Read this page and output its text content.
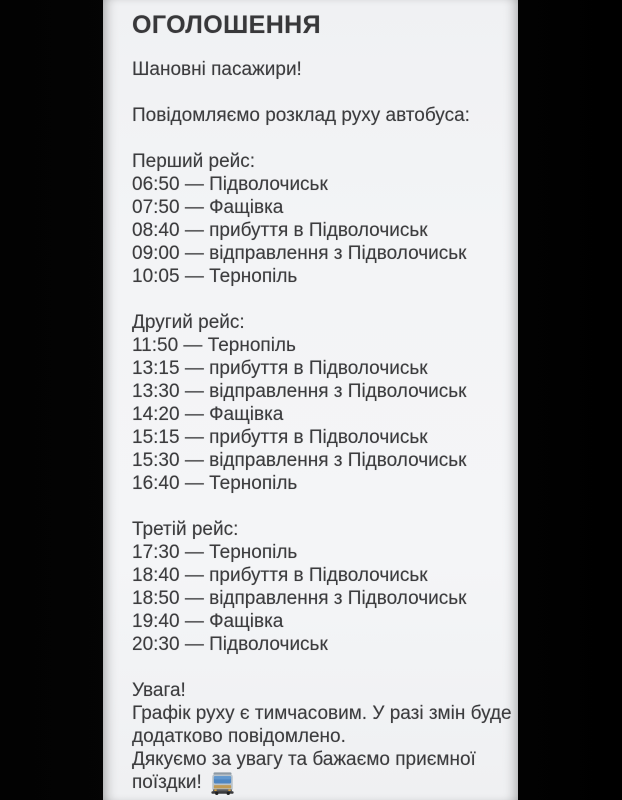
ОГОЛОШЕННЯ

Шановні пасажири!

Повідомляємо розклад руху автобуса:

Перший рейс:
06:50 — Підволочиськ
07:50 — Фащівка
08:40 — прибуття в Підволочиськ
09:00 — відправлення з Підволочиськ
10:05 — Тернопіль
Другий рейс:
11:50 — Тернопіль
13:15 — прибуття в Підволочиськ
13:30 — відправлення з Підволочиськ
14:20 — Фащівка
15:15 — прибуття в Підволочиськ
15:30 — відправлення з Підволочиськ
16:40 — Тернопіль
Третій рейс:
17:30 — Тернопіль
18:40 — прибуття в Підволочиськ
18:50 — відправлення з Підволочиськ
19:40 — Фащівка
20:30 — Підволочиськ
Увага!
Графік руху є тимчасовим. У разі змін буде
додатково повідомлено.
Дякуємо за увагу та бажаємо приємної
поїздки!
